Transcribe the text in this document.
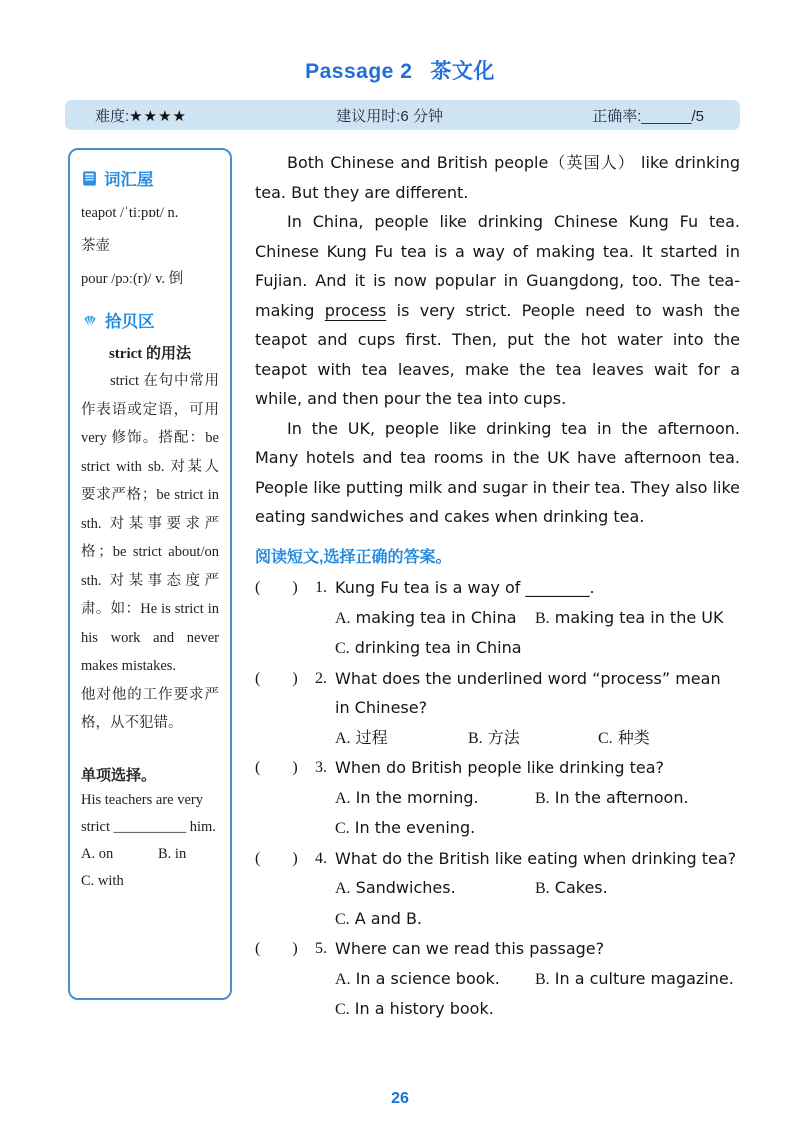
Passage 2 茶文化
难度:★★★★	建议用时:6 分钟	正确率:______/5
词汇屋

teapot /ˈtiːpɒt/ n.

茶壶

pour /pɔː(r)/ v. 倒

拾贝区

strict 的用法

strict 在句中常用作表语或定语，可用 very 修饰。搭配：be strict with sb. 对某人要求严格；be strict in sth. 对某事要求严格；be strict about/on sth. 对某事态度严肃。如：He is strict in his work and never makes mistakes.

他对他的工作要求严格，从不犯错。

单项选择。

His teachers are very strict __________ him.

A. on	B. in
C. with

Both Chinese and British people（英国人） like drinking tea. But they are different.

In China, people like drinking Chinese Kung Fu tea. Chinese Kung Fu tea is a way of making tea. It started in Fujian. And it is now popular in Guangdong, too. The tea-making process is very strict. People need to wash the teapot and cups first. Then, put the hot water into the teapot with tea leaves, make the tea leaves wait for a while, and then pour the tea into cups.

In the UK, people like drinking tea in the afternoon. Many hotels and tea rooms in the UK have afternoon tea. People like putting milk and sugar in their tea. They also like eating sandwiches and cakes when drinking tea.

阅读短文,选择正确的答案。

(　　) 1. Kung Fu tea is a way of ________.

A. making tea in China	B. making tea in the UK
C. drinking tea in China
(　　) 2. What does the underlined word “process” mean in Chinese?

A. 过程	B. 方法	C. 种类
(　　) 3. When do British people like drinking tea?

A. In the morning.	B. In the afternoon.
C. In the evening.
(　　) 4. What do the British like eating when drinking tea?

A. Sandwiches.	B. Cakes.
C. A and B.
(　　) 5. Where can we read this passage?

A. In a science book.	B. In a culture magazine.
C. In a history book.
26
